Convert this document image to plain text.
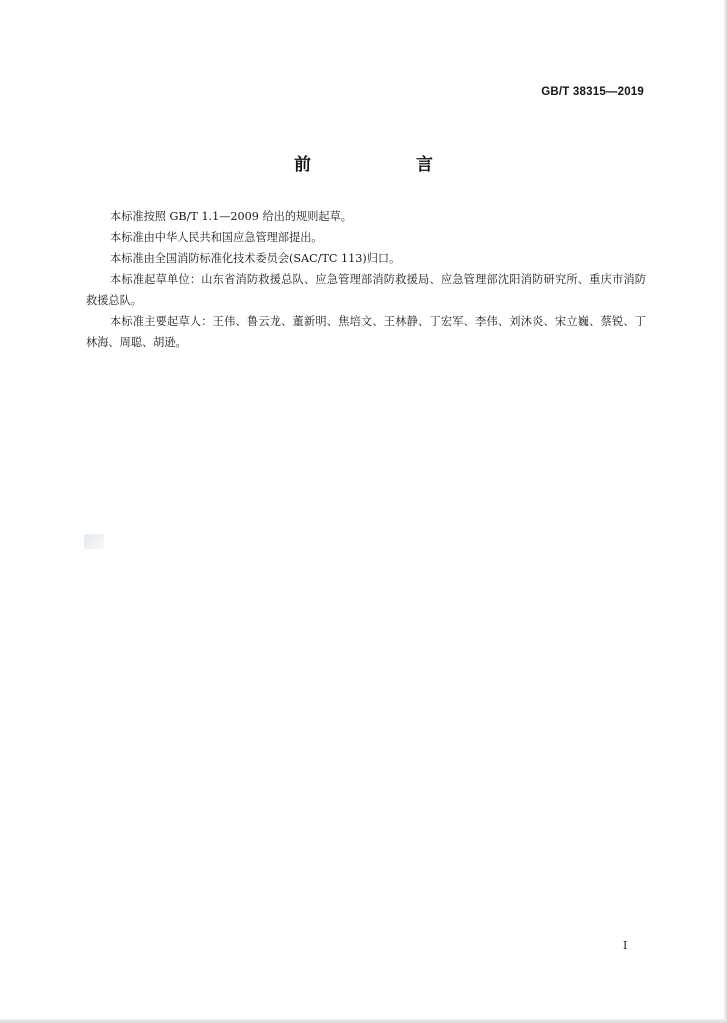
GB/T 38315—2019
前　言

本标准按照 GB/T 1.1—2009 给出的规则起草。

本标准由中华人民共和国应急管理部提出。

本标准由全国消防标准化技术委员会(SAC/TC 113)归口。

本标准起草单位：山东省消防救援总队、应急管理部消防救援局、应急管理部沈阳消防研究所、重庆市消防救援总队。

本标准主要起草人：王伟、鲁云龙、董新明、焦培文、王林静、丁宏军、李伟、刘沐炎、宋立巍、蔡锐、丁林海、周聪、胡逊。

I
